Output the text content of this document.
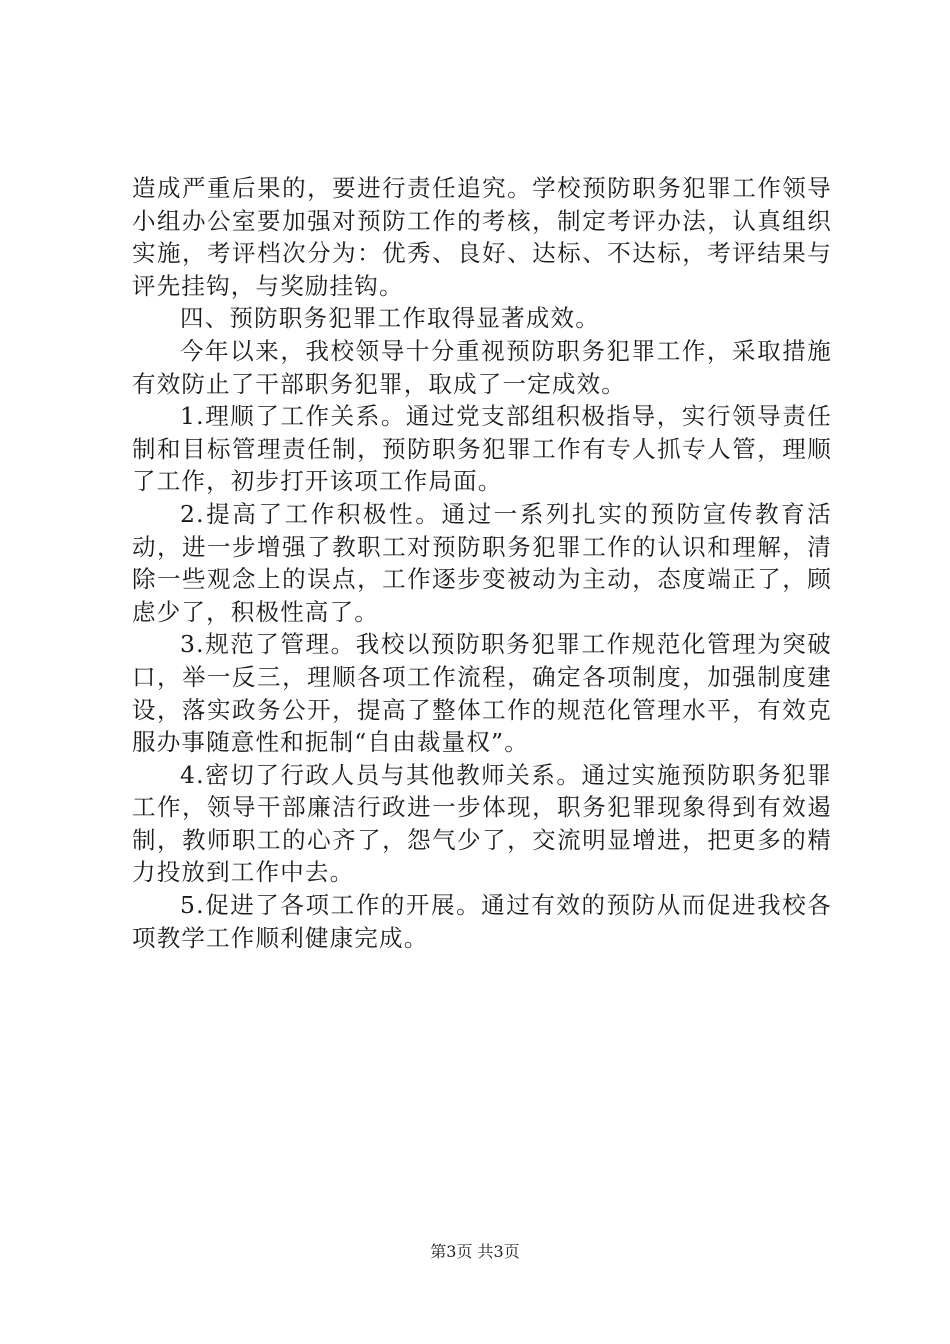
造成严重后果的，要进行责任追究。学校预防职务犯罪工作领导小组办公室要加强对预防工作的考核，制定考评办法，认真组织实施，考评档次分为：优秀、良好、达标、不达标，考评结果与评先挂钩，与奖励挂钩。

四、预防职务犯罪工作取得显著成效。

今年以来，我校领导十分重视预防职务犯罪工作，采取措施有效防止了干部职务犯罪，取成了一定成效。

1.理顺了工作关系。通过党支部组积极指导，实行领导责任制和目标管理责任制，预防职务犯罪工作有专人抓专人管，理顺了工作，初步打开该项工作局面。

2.提高了工作积极性。通过一系列扎实的预防宣传教育活动，进一步增强了教职工对预防职务犯罪工作的认识和理解，清除一些观念上的误点，工作逐步变被动为主动，态度端正了，顾虑少了，积极性高了。

3.规范了管理。我校以预防职务犯罪工作规范化管理为突破口，举一反三，理顺各项工作流程，确定各项制度，加强制度建设，落实政务公开，提高了整体工作的规范化管理水平，有效克服办事随意性和扼制“自由裁量权”。

4.密切了行政人员与其他教师关系。通过实施预防职务犯罪工作，领导干部廉洁行政进一步体现，职务犯罪现象得到有效遏制，教师职工的心齐了，怨气少了，交流明显增进，把更多的精力投放到工作中去。

5.促进了各项工作的开展。通过有效的预防从而促进我校各项教学工作顺利健康完成。

第3页 共3页
